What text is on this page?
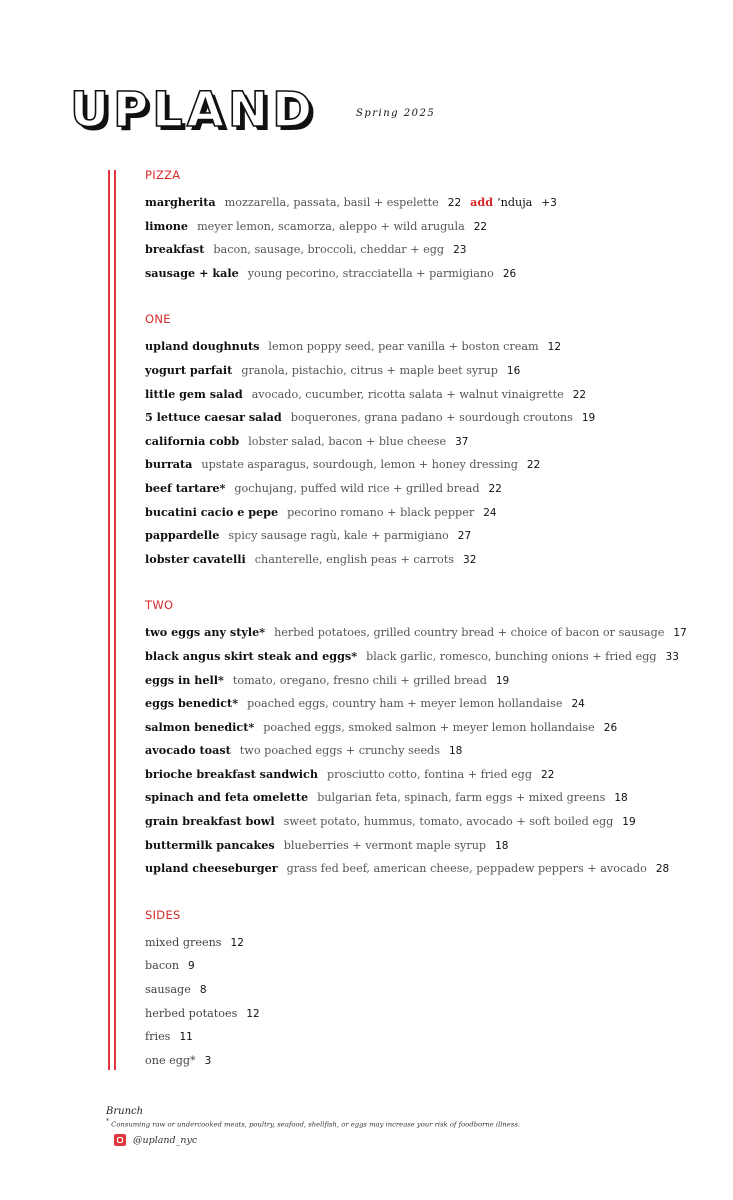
UPLAND	Spring 2025
PIZZA
margherita mozzarella, passata, basil + espelette 22 add ’nduja +3
limone meyer lemon, scamorza, aleppo + wild arugula 22
breakfast bacon, sausage, broccoli, cheddar + egg 23
sausage + kale young pecorino, stracciatella + parmigiano 26
ONE
upland doughnuts lemon poppy seed, pear vanilla + boston cream 12
yogurt parfait granola, pistachio, citrus + maple beet syrup 16
little gem salad avocado, cucumber, ricotta salata + walnut vinaigrette 22
5 lettuce caesar salad boquerones, grana padano + sourdough croutons 19
california cobb lobster salad, bacon + blue cheese 37
burrata upstate asparagus, sourdough, lemon + honey dressing 22
beef tartare* gochujang, puffed wild rice + grilled bread 22
bucatini cacio e pepe pecorino romano + black pepper 24
pappardelle spicy sausage ragù, kale + parmigiano 27
lobster cavatelli chanterelle, english peas + carrots 32
TWO
two eggs any style* herbed potatoes, grilled country bread + choice of bacon or sausage 17
black angus skirt steak and eggs* black garlic, romesco, bunching onions + fried egg 33
eggs in hell* tomato, oregano, fresno chili + grilled bread 19
eggs benedict* poached eggs, country ham + meyer lemon hollandaise 24
salmon benedict* poached eggs, smoked salmon + meyer lemon hollandaise 26
avocado toast two poached eggs + crunchy seeds 18
brioche breakfast sandwich prosciutto cotto, fontina + fried egg 22
spinach and feta omelette bulgarian feta, spinach, farm eggs + mixed greens 18
grain breakfast bowl sweet potato, hummus, tomato, avocado + soft boiled egg 19
buttermilk pancakes blueberries + vermont maple syrup 18
upland cheeseburger grass fed beef, american cheese, peppadew peppers + avocado 28
SIDES
mixed greens 12
bacon 9
sausage 8
herbed potatoes 12
fries 11
one egg* 3
Brunch
* Consuming raw or undercooked meats, poultry, seafood, shellfish, or eggs may increase your risk of foodborne illness.
@upland_nyc
